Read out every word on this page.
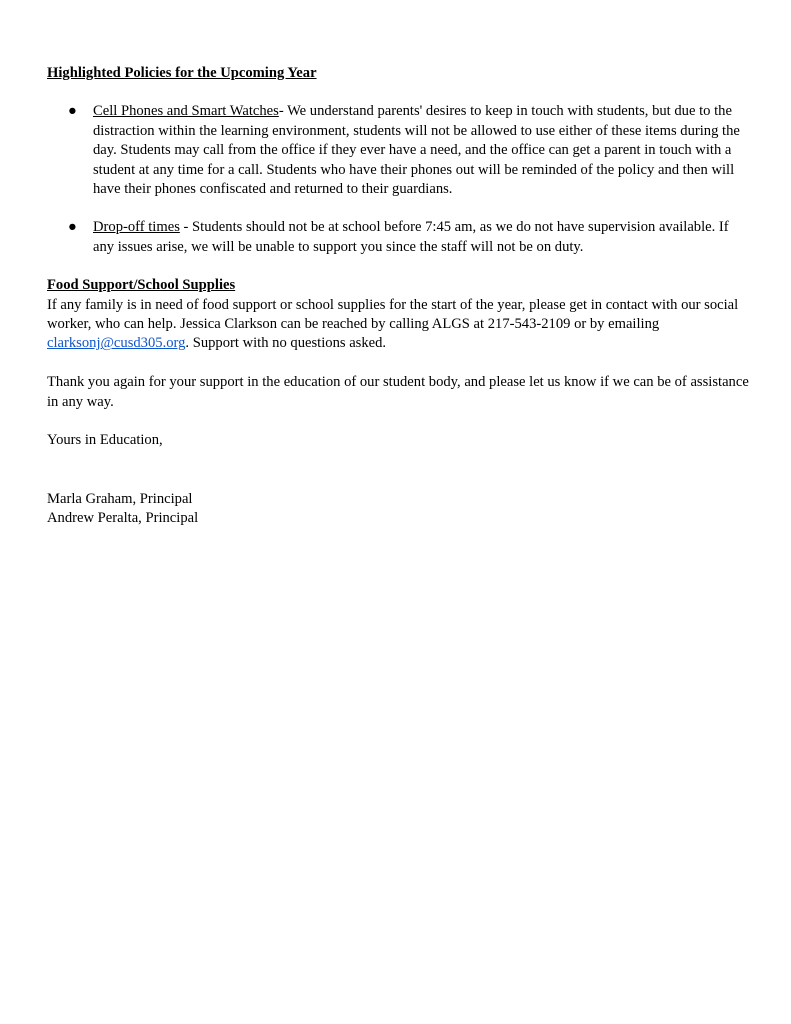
Highlighted Policies for the Upcoming Year
● Cell Phones and Smart Watches- We understand parents' desires to keep in touch with students, but due to the distraction within the learning environment, students will not be allowed to use either of these items during the day. Students may call from the office if they ever have a need, and the office can get a parent in touch with a student at any time for a call. Students who have their phones out will be reminded of the policy and then will have their phones confiscated and returned to their guardians.
● Drop-off times - Students should not be at school before 7:45 am, as we do not have supervision available. If any issues arise, we will be unable to support you since the staff will not be on duty.

Food Support/School Supplies
If any family is in need of food support or school supplies for the start of the year, please get in contact with our social worker, who can help. Jessica Clarkson can be reached by calling ALGS at 217-543-2109 or by emailing clarksonj@cusd305.org. Support with no questions asked.

Thank you again for your support in the education of our student body, and please let us know if we can be of assistance in any way.

Yours in Education,

Marla Graham, Principal
Andrew Peralta, Principal
